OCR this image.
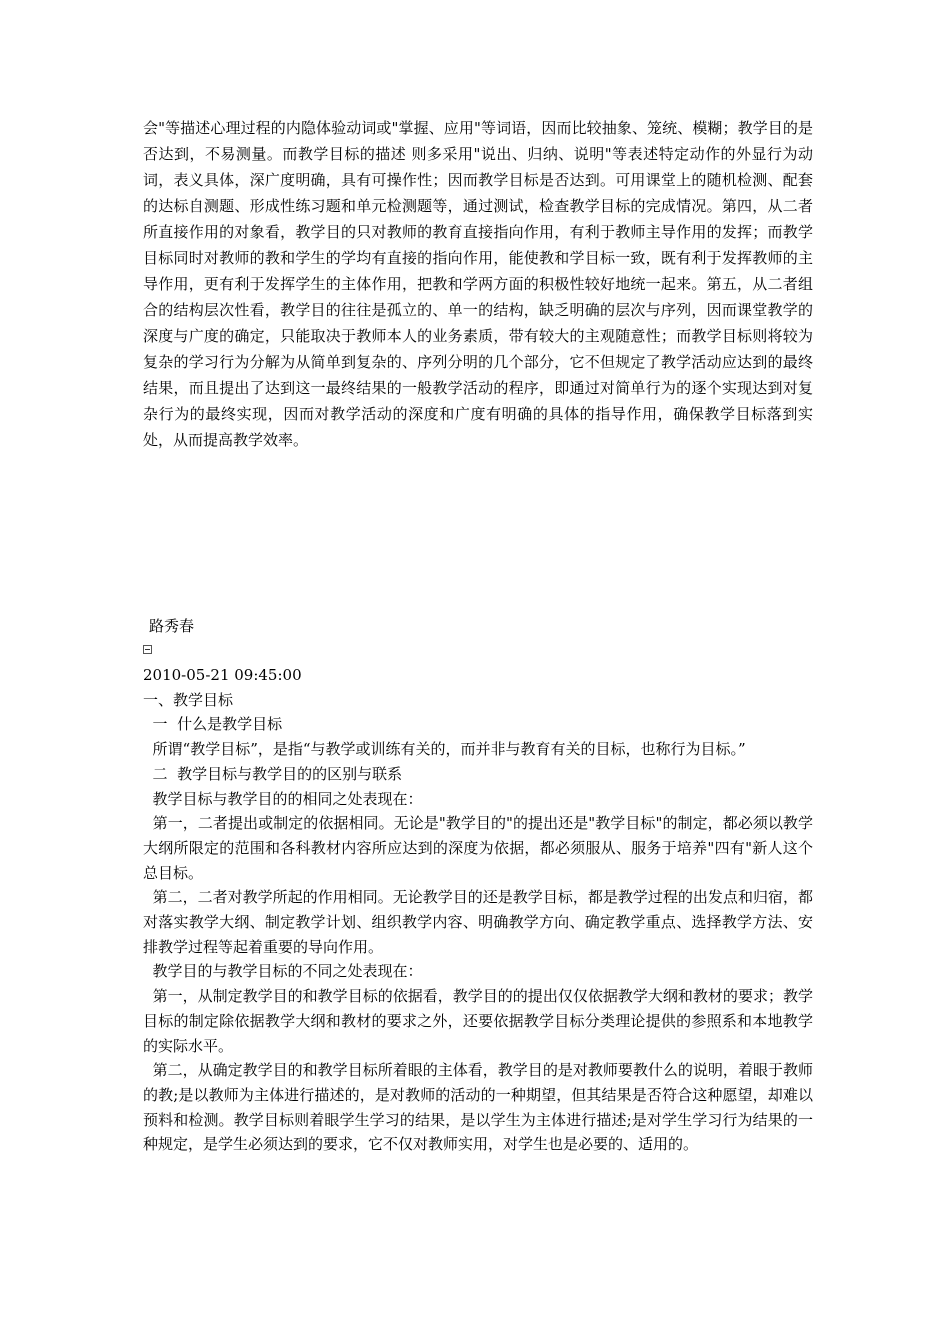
会"等描述心理过程的内隐体验动词或"掌握、应用"等词语，因而比较抽象、笼统、模糊；教学目的是否达到，不易测量。而教学目标的描述 则多采用"说出、归纳、说明"等表述特定动作的外显行为动词，表义具体，深广度明确，具有可操作性；因而教学目标是否达到。可用课堂上的随机检测、配套的达标自测题、形成性练习题和单元检测题等，通过测试，检查教学目标的完成情况。第四，从二者所直接作用的对象看，教学目的只对教师的教育直接指向作用，有利于教师主导作用的发挥；而教学目标同时对教师的教和学生的学均有直接的指向作用，能使教和学目标一致，既有利于发挥教师的主导作用，更有利于发挥学生的主体作用，把教和学两方面的积极性较好地统一起来。第五，从二者组合的结构层次性看，教学目的往往是孤立的、单一的结构，缺乏明确的层次与序列，因而课堂教学的深度与广度的确定，只能取决于教师本人的业务素质，带有较大的主观随意性；而教学目标则将较为复杂的学习行为分解为从简单到复杂的、序列分明的几个部分，它不但规定了教学活动应达到的最终结果，而且提出了达到这一最终结果的一般教学活动的程序，即通过对简单行为的逐个实现达到对复杂行为的最终实现，因而对教学活动的深度和广度有明确的具体的指导作用，确保教学目标落到实处，从而提高教学效率。

路秀春

2010-05-21 09:45:00

一、教学目标

一  什么是教学目标

所谓“教学目标”，是指“与教学或训练有关的，而并非与教育有关的目标，也称行为目标。”

二  教学目标与教学目的的区别与联系

教学目标与教学目的的相同之处表现在：

第一，二者提出或制定的依据相同。无论是"教学目的"的提出还是"教学目标"的制定，都必须以教学大纲所限定的范围和各科教材内容所应达到的深度为依据，都必须服从、服务于培养"四有"新人这个总目标。

第二，二者对教学所起的作用相同。无论教学目的还是教学目标，都是教学过程的出发点和归宿，都对落实教学大纲、制定教学计划、组织教学内容、明确教学方向、确定教学重点、选择教学方法、安排教学过程等起着重要的导向作用。

教学目的与教学目标的不同之处表现在：

第一，从制定教学目的和教学目标的依据看，教学目的的提出仅仅依据教学大纲和教材的要求；教学目标的制定除依据教学大纲和教材的要求之外，还要依据教学目标分类理论提供的参照系和本地教学的实际水平。

第二，从确定教学目的和教学目标所着眼的主体看，教学目的是对教师要教什么的说明，着眼于教师的教;是以教师为主体进行描述的，是对教师的活动的一种期望，但其结果是否符合这种愿望，却难以预料和检测。教学目标则着眼学生学习的结果，是以学生为主体进行描述;是对学生学习行为结果的一种规定，是学生必须达到的要求，它不仅对教师实用，对学生也是必要的、适用的。
